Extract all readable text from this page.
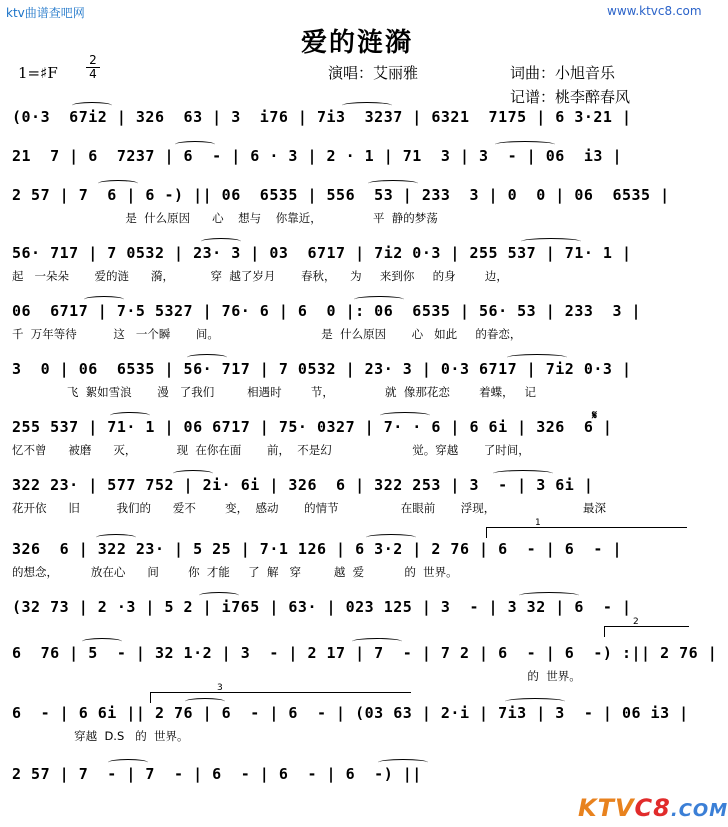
ktv曲谱查吧网	www.ktvc8.com
爱的涟漪
1=♯F
2
4	演唱：艾丽雅	词曲：小旭音乐
记谱：桃李醉春风
(0·3  67i2 | 326  63 | 3  i76 | 7i3  3237 | 6321  7175 | 6 3·21 |
21  7 | 6  7237 | 6  - | 6 · 3 | 2 · 1 | 71  3 | 3  - | 06  i3 |
2 57 | 7  6 | 6 -) || 06  6535 | 556  53 | 233  3 | 0  0 | 06  6535 |
是  什么原因      心    想与    你靠近，              平  静的梦荡
56· 717 | 7 0532 | 23· 3 | 03  6717 | 7i2 0·3 | 255 537 | 71· 1 |
起   一朵朵       爱的涟      漪，          穿  越了岁月       春秋，    为     来到你     的身        边，
06  6717 | 7·5 5327 | 76· 6 | 6  0 |: 06  6535 | 56· 53 | 233  3 |
千  万年等待          这   一个瞬       间。                            是  什么原因       心   如此     的眷恋，
3  0 | 06  6535 | 56· 717 | 7 0532 | 23· 3 | 0·3 6717 | 7i2 0·3 |
飞  絮如雪浪       漫   了我们         相遇时        节，              就  像那花恋        着蝶，   记
255 537 | 71· 1 | 06 6717 | 75· 0327 | 7· · 6 | 6 6i | 326  6 |
忆不曾      被磨      灭，           现  在你在面       前，  不是幻                      觉。穿越       了时间，
322 23· | 577 752 | 2i· 6i | 326  6 | 322 253 | 3  - | 3 6i |
花开依      旧          我们的      爱不        变，  感动       的情节                 在眼前       浮现，                        最深
326  6 | 322 23· | 5 25 | 7·1 126 | 6 3·2 | 2 76 | 6  - | 6  - |
的想念，         放在心      间        你  才能     了  解   穿         越  爱           的  世界。
(32 73 | 2 ·3 | 5 2 | i765 | 63· | 023 125 | 3  - | 3 32 | 6  - |
6  76 | 5  - | 32 1·2 | 3  - | 2 17 | 7  - | 7 2 | 6  - | 6  -) :|| 2 76 |
的  世界。
6  - | 6 6i || 2 76 | 6  - | 6  - | (03 63 | 2·i | 7i3 | 3  - | 06 i3 |
穿越  D.S   的  世界。
2 57 | 7  - | 7  - | 6  - | 6  - | 6  -) ||
1
2
3
𝄋
KTVC8.COM
